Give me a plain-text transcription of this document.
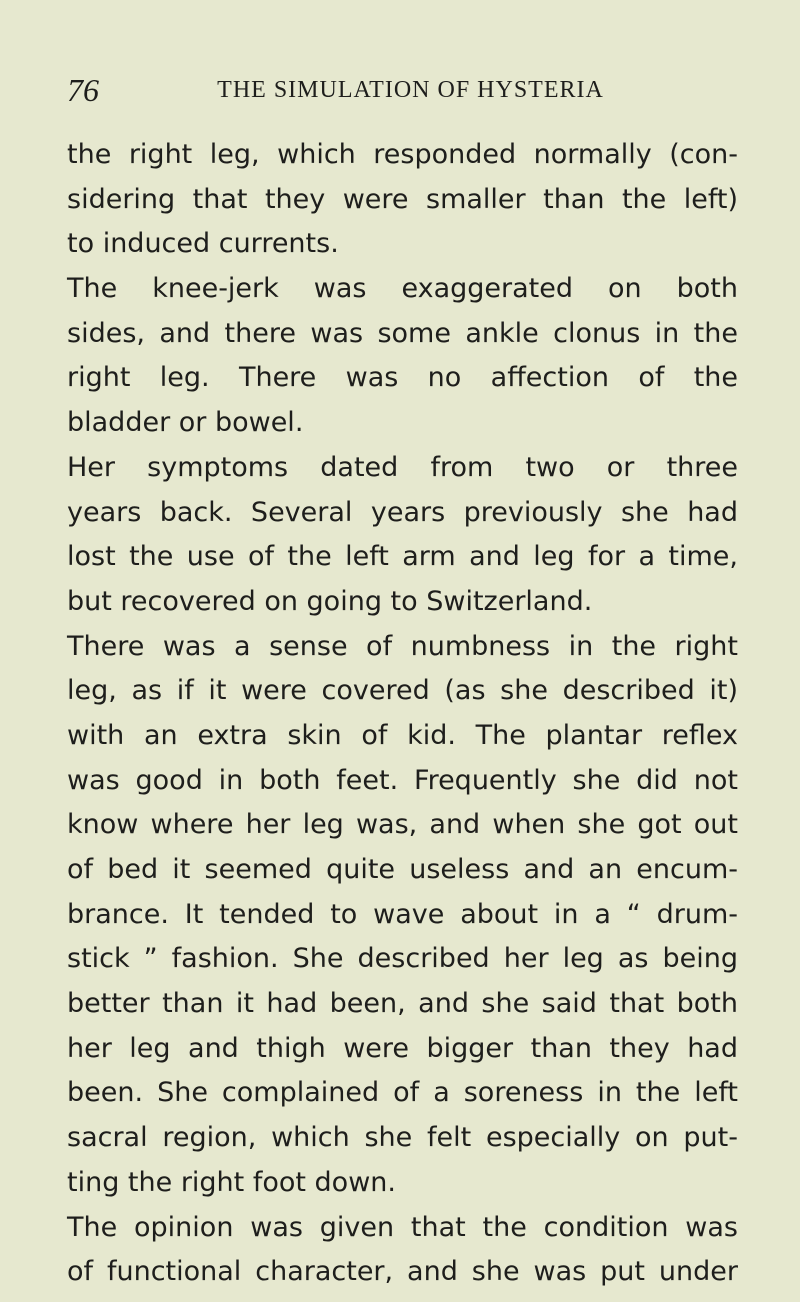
76	THE SIMULATION OF HYSTERIA
the right leg, which responded normally (con-
sidering that they were smaller than the left)
to induced currents.
The knee-jerk was exaggerated on both
sides, and there was some ankle clonus in the
right leg. There was no affection of the
bladder or bowel.
Her symptoms dated from two or three
years back. Several years previously she had
lost the use of the left arm and leg for a time,
but recovered on going to Switzerland.
There was a sense of numbness in the right
leg, as if it were covered (as she described it)
with an extra skin of kid. The plantar reflex
was good in both feet. Frequently she did not
know where her leg was, and when she got out
of bed it seemed quite useless and an encum-
brance. It tended to wave about in a “ drum-
stick ” fashion. She described her leg as being
better than it had been, and she said that both
her leg and thigh were bigger than they had
been. She complained of a soreness in the left
sacral region, which she felt especially on put-
ting the right foot down.
The opinion was given that the condition was
of functional character, and she was put under
